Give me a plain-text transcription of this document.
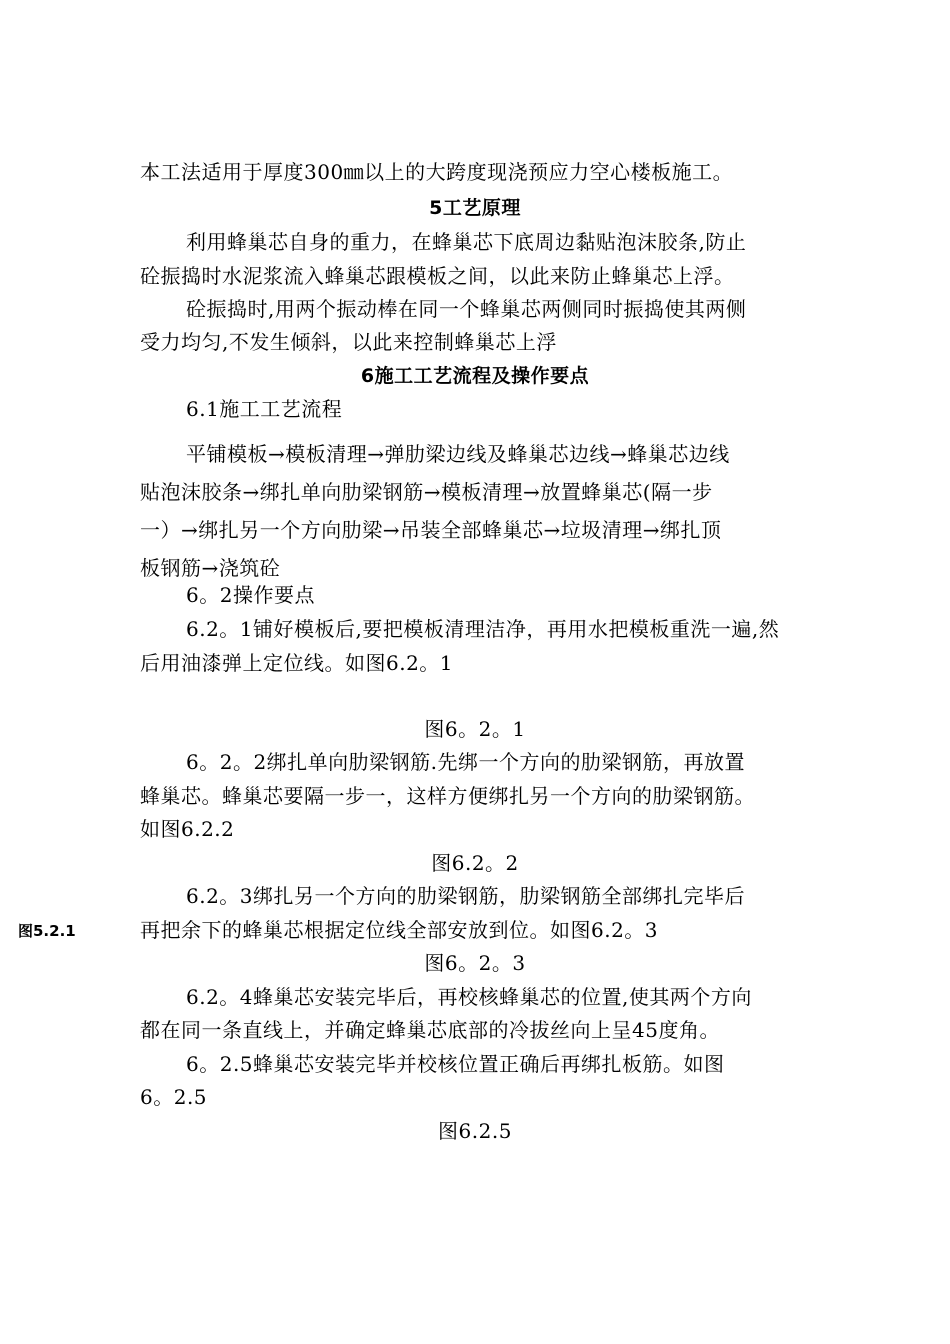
本工法适用于厚度300㎜以上的大跨度现浇预应力空心楼板施工。
5工艺原理
利用蜂巢芯自身的重力，在蜂巢芯下底周边黏贴泡沫胶条,防止
砼振捣时水泥浆流入蜂巢芯跟模板之间，以此来防止蜂巢芯上浮。
砼振捣时,用两个振动棒在同一个蜂巢芯两侧同时振捣使其两侧
受力均匀,不发生倾斜，以此来控制蜂巢芯上浮
6施工工艺流程及操作要点
6.1施工工艺流程
平铺模板→模板清理→弹肋梁边线及蜂巢芯边线→蜂巢芯边线
贴泡沫胶条→绑扎单向肋梁钢筋→模板清理→放置蜂巢芯(隔一步
一）→绑扎另一个方向肋梁→吊装全部蜂巢芯→垃圾清理→绑扎顶
板钢筋→浇筑砼
6。2操作要点
6.2。1铺好模板后,要把模板清理洁净，再用水把模板重洗一遍,然
后用油漆弹上定位线。如图6.2。1
图6。2。1
6。2。2绑扎单向肋梁钢筋.先绑一个方向的肋梁钢筋，再放置
蜂巢芯。蜂巢芯要隔一步一，这样方便绑扎另一个方向的肋梁钢筋。
如图6.2.2
图6.2。2
6.2。3绑扎另一个方向的肋梁钢筋，肋梁钢筋全部绑扎完毕后
再把余下的蜂巢芯根据定位线全部安放到位。如图6.2。3
图6。2。3
6.2。4蜂巢芯安装完毕后，再校核蜂巢芯的位置,使其两个方向
都在同一条直线上，并确定蜂巢芯底部的冷拔丝向上呈45度角。
6。2.5蜂巢芯安装完毕并校核位置正确后再绑扎板筋。如图
6。2.5
图6.2.5
图5.2.1
